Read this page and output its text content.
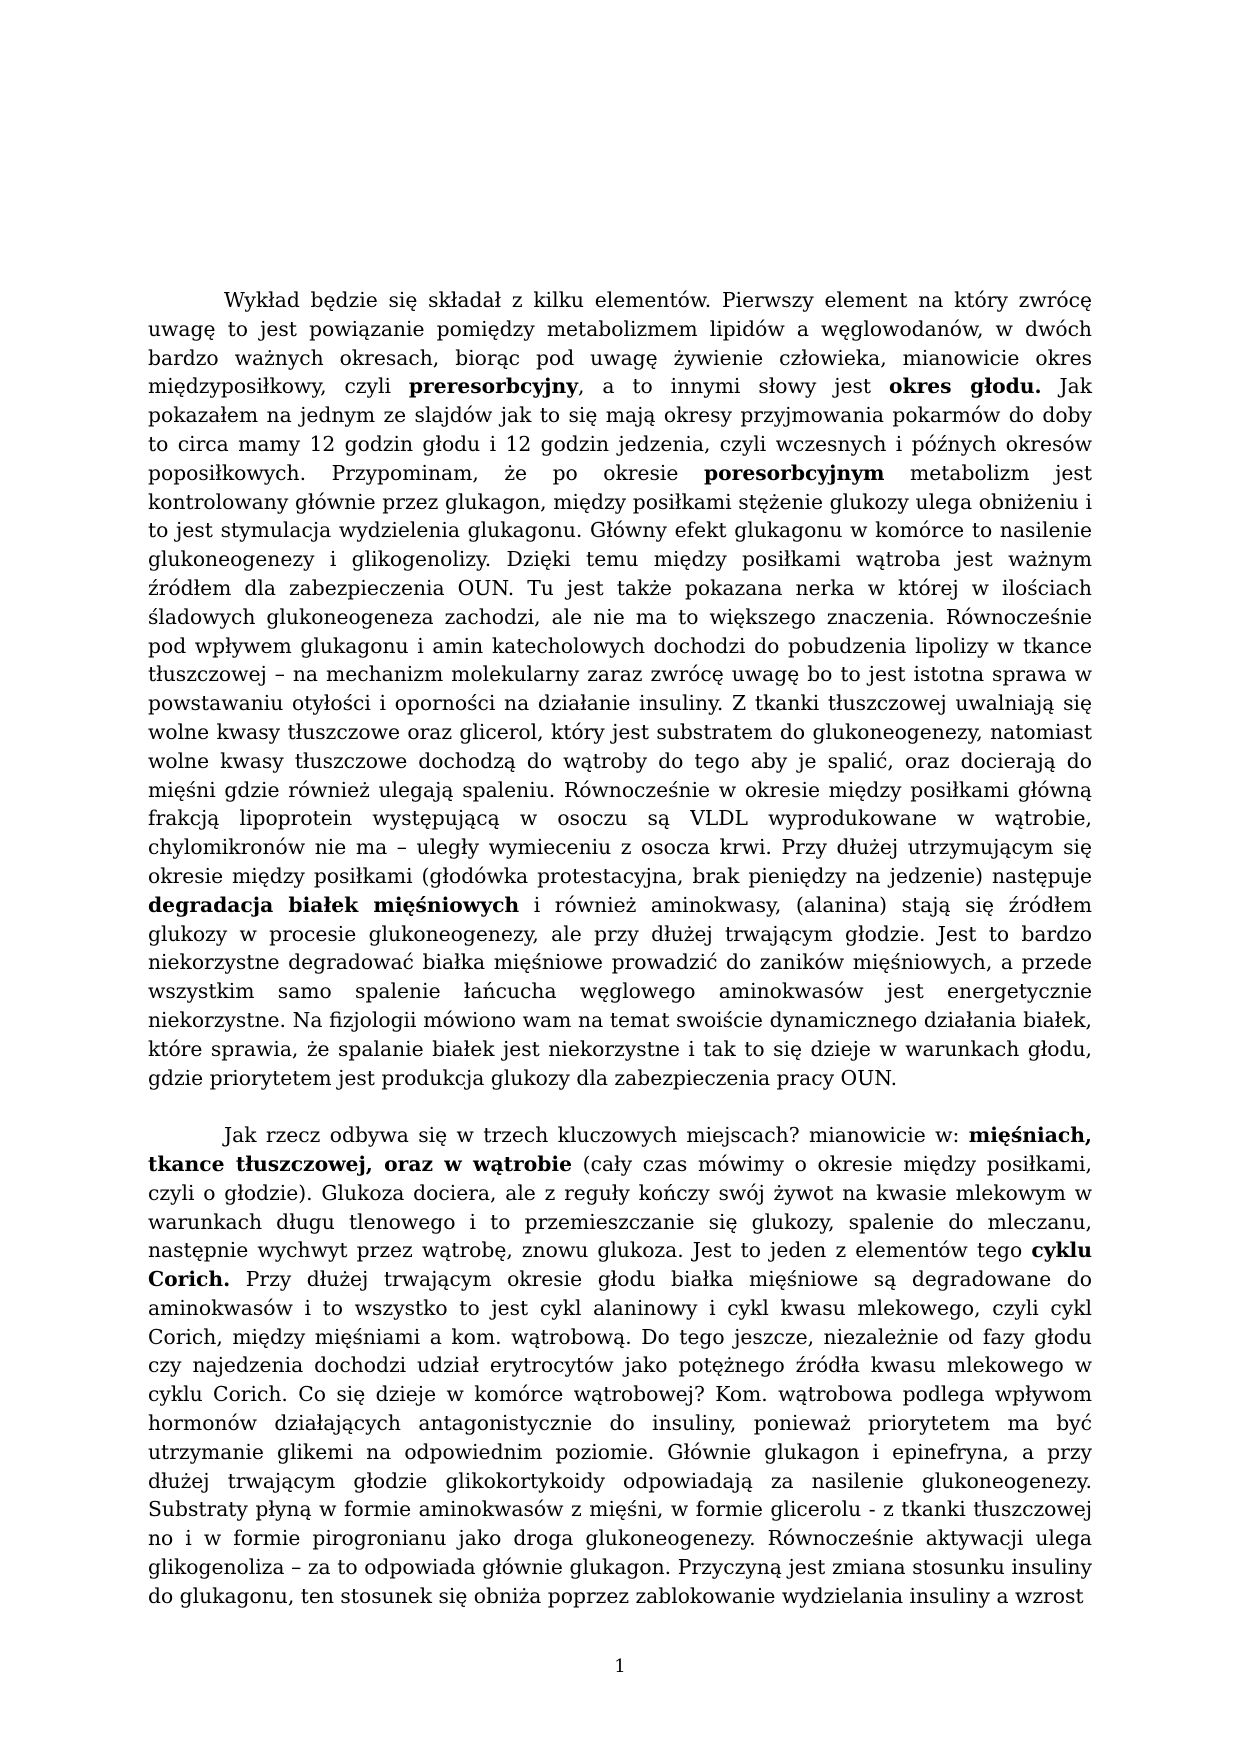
Wykład będzie się składał z kilku elementów. Pierwszy element na który zwrócę uwagę to jest powiązanie pomiędzy metabolizmem lipidów a węglowodanów, w dwóch bardzo ważnych okresach, biorąc pod uwagę żywienie człowieka, mianowicie okres międzyposiłkowy, czyli preresorbcyjny, a to innymi słowy jest okres głodu. Jak pokazałem na jednym ze slajdów jak to się mają okresy przyjmowania pokarmów do doby to circa mamy 12 godzin głodu i 12 godzin jedzenia, czyli wczesnych i późnych okresów poposiłkowych. Przypominam, że po okresie poresorbcyjnym metabolizm jest kontrolowany głównie przez glukagon, między posiłkami stężenie glukozy ulega obniżeniu i to jest stymulacja wydzielenia glukagonu. Główny efekt glukagonu w komórce to nasilenie glukoneogenezy i glikogenolizy. Dzięki temu między posiłkami wątroba jest ważnym źródłem dla zabezpieczenia OUN. Tu jest także pokazana nerka w której w ilościach śladowych glukoneogeneza zachodzi, ale nie ma to większego znaczenia. Równocześnie pod wpływem glukagonu i amin katecholowych dochodzi do pobudzenia lipolizy w tkance tłuszczowej – na mechanizm molekularny zaraz zwrócę uwagę bo to jest istotna sprawa w powstawaniu otyłości i oporności na działanie insuliny. Z tkanki tłuszczowej uwalniają się wolne kwasy tłuszczowe oraz glicerol, który jest substratem do glukoneogenezy, natomiast wolne kwasy tłuszczowe dochodzą do wątroby do tego aby je spalić, oraz docierają do mięśni gdzie również ulegają spaleniu. Równocześnie w okresie między posiłkami główną frakcją lipoprotein występującą w osoczu są VLDL wyprodukowane w wątrobie, chylomikronów nie ma – uległy wymieceniu z osocza krwi. Przy dłużej utrzymującym się okresie między posiłkami (głodówka protestacyjna, brak pieniędzy na jedzenie) następuje degradacja białek mięśniowych i również aminokwasy, (alanina) stają się źródłem glukozy w procesie glukoneogenezy, ale przy dłużej trwającym głodzie. Jest to bardzo niekorzystne degradować białka mięśniowe prowadzić do zaników mięśniowych, a przede wszystkim samo spalenie łańcucha węglowego aminokwasów jest energetycznie niekorzystne. Na fizjologii mówiono wam na temat swoiście dynamicznego działania białek, które sprawia, że spalanie białek jest niekorzystne i tak to się dzieje w warunkach głodu, gdzie priorytetem jest produkcja glukozy dla zabezpieczenia pracy OUN.

Jak rzecz odbywa się w trzech kluczowych miejscach? mianowicie w: mięśniach, tkance tłuszczowej, oraz w wątrobie (cały czas mówimy o okresie między posiłkami, czyli o głodzie). Glukoza dociera, ale z reguły kończy swój żywot na kwasie mlekowym w warunkach długu tlenowego i to przemieszczanie się glukozy, spalenie do mleczanu, następnie wychwyt przez wątrobę, znowu glukoza. Jest to jeden z elementów tego cyklu Corich. Przy dłużej trwającym okresie głodu białka mięśniowe są degradowane do aminokwasów i to wszystko to jest cykl alaninowy i cykl kwasu mlekowego, czyli cykl Corich, między mięśniami a kom. wątrobową. Do tego jeszcze, niezależnie od fazy głodu czy najedzenia dochodzi udział erytrocytów jako potężnego źródła kwasu mlekowego w cyklu Corich. Co się dzieje w komórce wątrobowej? Kom. wątrobowa podlega wpływom hormonów działających antagonistycznie do insuliny, ponieważ priorytetem ma być utrzymanie glikemi na odpowiednim poziomie. Głównie glukagon i epinefryna, a przy dłużej trwającym głodzie glikokortykoidy odpowiadają za nasilenie glukoneogenezy. Substraty płyną w formie aminokwasów z mięśni, w formie glicerolu - z tkanki tłuszczowej no i w formie pirogronianu jako droga glukoneogenezy. Równocześnie aktywacji ulega glikogenoliza – za to odpowiada głównie glukagon. Przyczyną jest zmiana stosunku insuliny do glukagonu, ten stosunek się obniża poprzez zablokowanie wydzielania insuliny a wzrost

1
